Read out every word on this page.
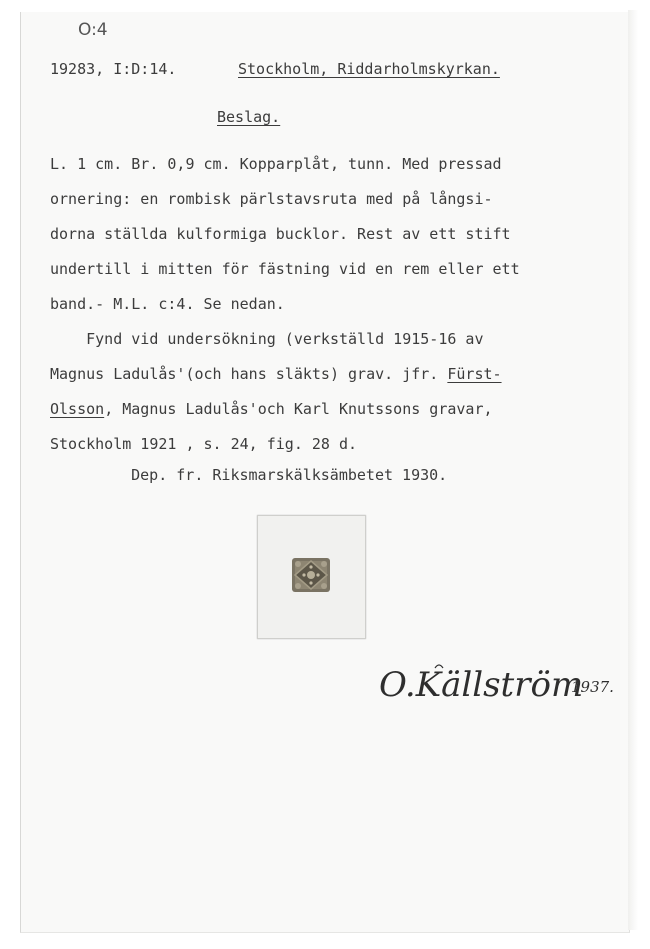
O:4
19283, I:D:14.	Stockholm, Riddarholmskyrkan.
Beslag.
L. 1 cm. Br. 0,9 cm. Kopparplåt, tunn. Med pressad
ornering: en rombisk pärlstavsruta med på långsi-
dorna ställda kulformiga bucklor. Rest av ett stift
undertill i mitten för fästning vid en rem eller ett
band.- M.L. c:4. Se nedan.
Fynd vid undersökning (verkställd 1915-16 av
Magnus Ladulås'(och hans släkts) grav. jfr. Fürst-
Olsson, Magnus Ladulås'och Karl Knutssons gravar,
Stockholm 1921 , s. 24, fig. 28 d.
Dep. fr. Riksmarskälksämbetet 1930.
O.Källström
1937.
